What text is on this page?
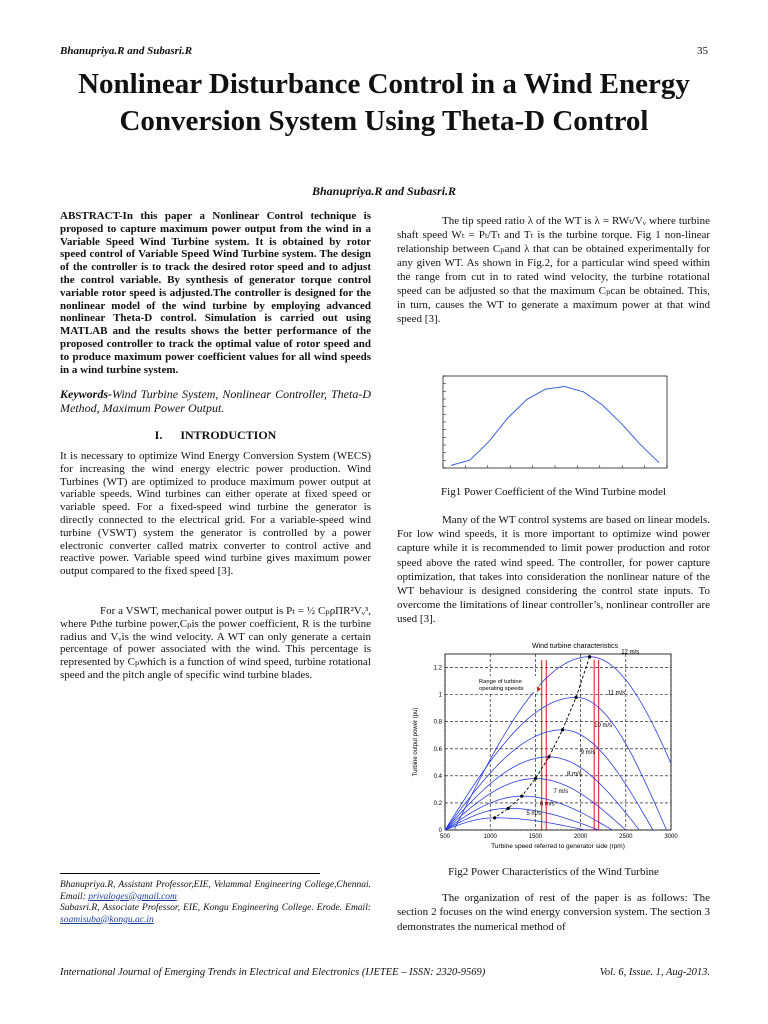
Bhanupriya.R and Subasri.R	35
Nonlinear Disturbance Control in a Wind Energy Conversion System Using Theta-D Control
Bhanupriya.R and Subasri.R
ABSTRACT-In this paper a Nonlinear Control technique is proposed to capture maximum power output from the wind in a Variable Speed Wind Turbine system. It is obtained by rotor speed control of Variable Speed Wind Turbine system. The design of the controller is to track the desired rotor speed and to adjust the control variable. By synthesis of generator torque control variable rotor speed is adjusted.The controller is designed for the nonlinear model of the wind turbine by employing advanced nonlinear Theta-D control. Simulation is carried out using MATLAB and the results shows the better performance of the proposed controller to track the optimal value of rotor speed and to produce maximum power coefficient values for all wind speeds in a wind turbine system.
Keywords-Wind Turbine System, Nonlinear Controller, Theta-D Method, Maximum Power Output.
I.      INTRODUCTION
It is necessary to optimize Wind Energy Conversion System (WECS) for increasing the wind energy electric power production. Wind Turbines (WT) are optimized to produce maximum power output at variable speeds. Wind turbines can either operate at fixed speed or variable speed. For a fixed-speed wind turbine the generator is directly connected to the electrical grid. For a variable-speed wind turbine (VSWT) system the generator is controlled by a power electronic converter called matrix converter to control active and reactive power. Variable speed wind turbine gives maximum power output compared to the fixed speed [3].
For a VSWT, mechanical power output is Pₜ = ½ CₚρΠR²Vᵥ³, where Pₜthe turbine power,Cₚis the power coefficient, R is the turbine radius and Vᵥis the wind velocity. A WT can only generate a certain percentage of power associated with the wind. This percentage is represented by Cₚwhich is a function of wind speed, turbine rotational speed and the pitch angle of specific wind turbine blades.
Bhanupriya.R, Assistant Professor,EIE, Velammal Engineering College,Chennai. Email: privaloges@gmail.com
Subasri.R, Associate Professor, EIE, Kongu Engineering College. Erode. Email: soamisuba@kongu.ac.in
The tip speed ratio λ of the WT is λ = RWₜ/Vᵥ where turbine shaft speed Wₜ = Pₜ/Tₜ and Tₜ is the turbine torque. Fig 1 non-linear relationship between Cₚand λ that can be obtained experimentally for any given WT. As shown in Fig.2, for a particular wind speed within the range from cut in to rated wind velocity, the turbine rotational speed can be adjusted so that the maximum Cₚcan be obtained. This, in turn, causes the WT to generate a maximum power at that wind speed [3].
Fig1 Power Coefficient of the Wind Turbine model
Many of the WT control systems are based on linear models. For low wind speeds, it is more important to optimize wind power capture while it is recommended to limit power production and rotor speed above the rated wind speed. The controller, for power capture optimization, that takes into consideration the nonlinear nature of the WT behaviour is designed considering the control state inputs. To overcome the limitations of linear controller’s, nonlinear controller are used [3].
Wind turbine characteristics
500	1000	1500	2000	2500	3000
0
0.2
0.4
0.6
0.8
1
1.2
12 m/s
11 m/s
10 m/s
9 m/s
8 m/s
7 m/s
6 m/s
5 m/s
Range of turbine
operating speeds
Turbine speed referred to generator side (rpm)
Turbine output power (pu)
Fig2 Power Characteristics of the Wind Turbine
The organization of rest of the paper is as follows: The section 2 focuses on the wind energy conversion system. The section 3 demonstrates the numerical method of
International Journal of Emerging Trends in Electrical and Electronics (IJETEE – ISSN: 2320-9569)	Vol. 6, Issue. 1, Aug-2013.
